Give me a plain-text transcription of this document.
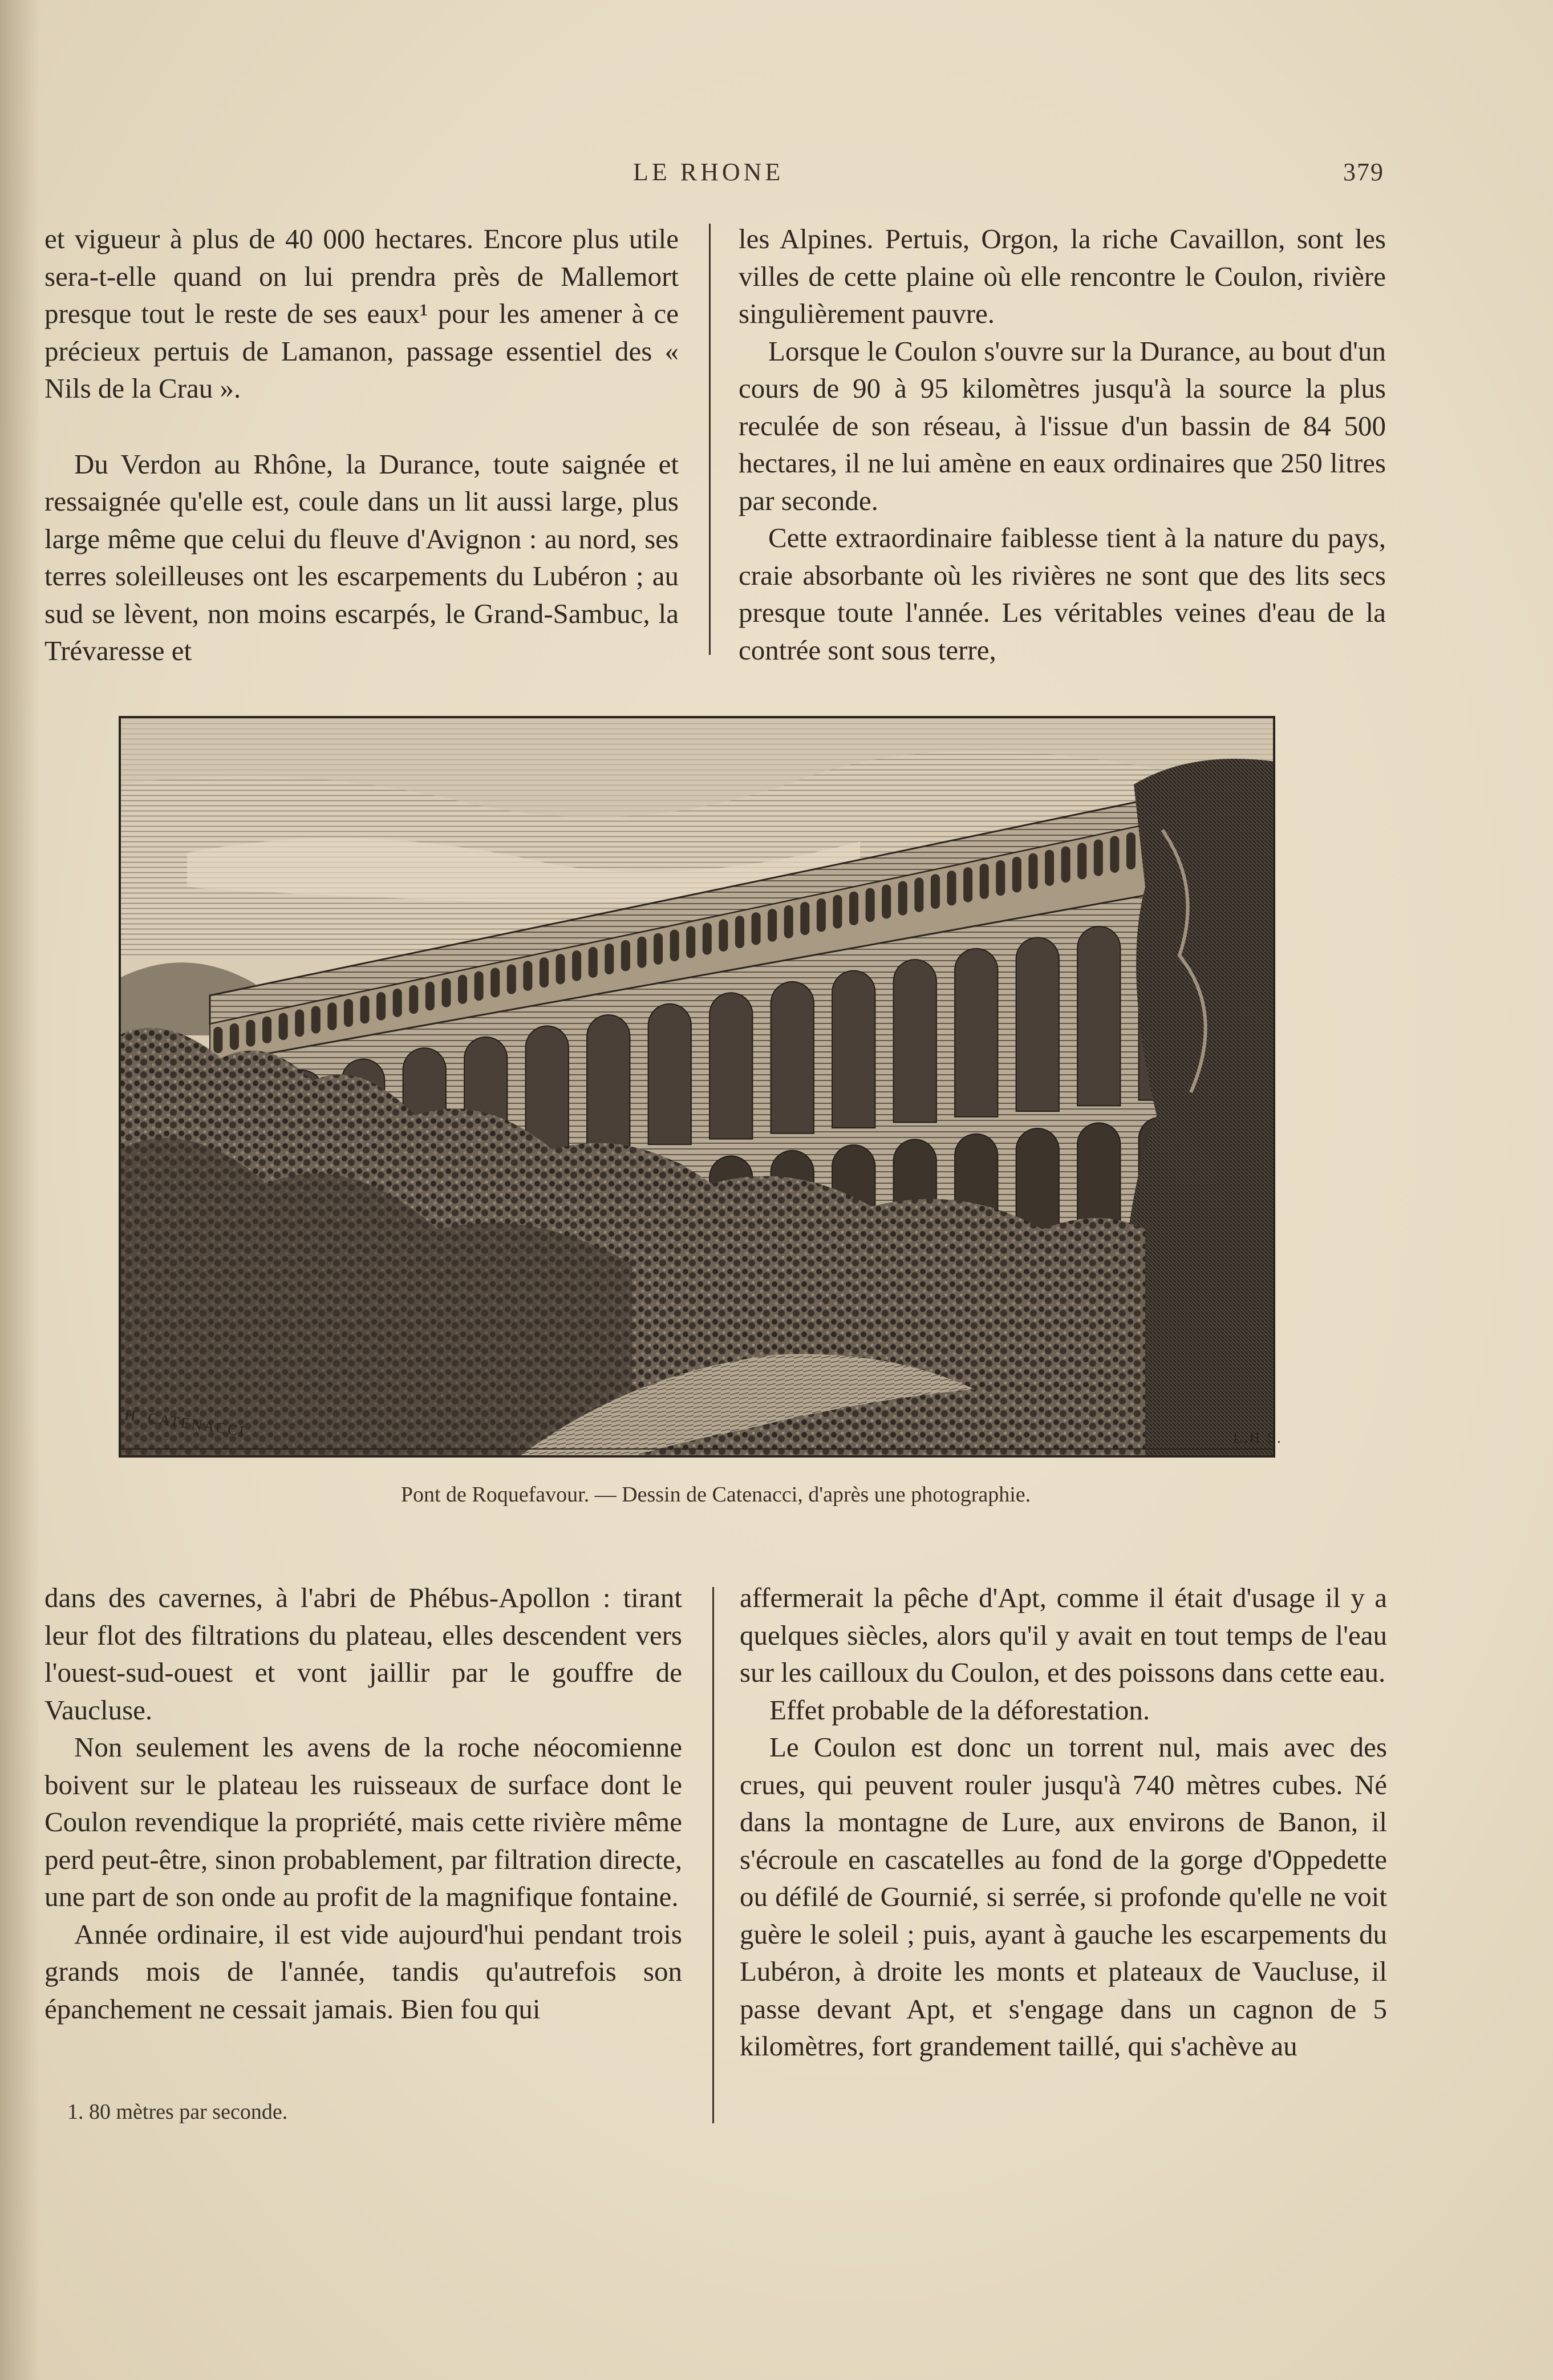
LE RHONE	379

et vigueur à plus de 40 000 hectares. Encore plus utile sera-t-elle quand on lui prendra près de Mallemort presque tout le reste de ses eaux¹ pour les amener à ce précieux pertuis de Lamanon, passage essentiel des « Nils de la Crau ».

Du Verdon au Rhône, la Durance, toute saignée et ressaignée qu'elle est, coule dans un lit aussi large, plus large même que celui du fleuve d'Avignon : au nord, ses terres soleilleuses ont les escarpements du Lubéron ; au sud se lèvent, non moins escarpés, le Grand-Sambuc, la Trévaresse et

les Alpines. Pertuis, Orgon, la riche Cavaillon, sont les villes de cette plaine où elle rencontre le Coulon, rivière singulièrement pauvre.

Lorsque le Coulon s'ouvre sur la Durance, au bout d'un cours de 90 à 95 kilomètres jusqu'à la source la plus reculée de son réseau, à l'issue d'un bassin de 84 500 hectares, il ne lui amène en eaux ordinaires que 250 litres par seconde.

Cette extraordinaire faiblesse tient à la nature du pays, craie absorbante où les rivières ne sont que des lits secs presque toute l'année. Les véritables veines d'eau de la contrée sont sous terre,

H. CATENACCI	L.H.S.
Pont de Roquefavour. — Dessin de Catenacci, d'après une photographie.

dans des cavernes, à l'abri de Phébus-Apollon : tirant leur flot des filtrations du plateau, elles descendent vers l'ouest-sud-ouest et vont jaillir par le gouffre de Vaucluse.

Non seulement les avens de la roche néocomienne boivent sur le plateau les ruisseaux de surface dont le Coulon revendique la propriété, mais cette rivière même perd peut-être, sinon probablement, par filtration directe, une part de son onde au profit de la magnifique fontaine.

Année ordinaire, il est vide aujourd'hui pendant trois grands mois de l'année, tandis qu'autrefois son épanchement ne cessait jamais. Bien fou qui

affermerait la pêche d'Apt, comme il était d'usage il y a quelques siècles, alors qu'il y avait en tout temps de l'eau sur les cailloux du Coulon, et des poissons dans cette eau.

Effet probable de la déforestation.

Le Coulon est donc un torrent nul, mais avec des crues, qui peuvent rouler jusqu'à 740 mètres cubes. Né dans la montagne de Lure, aux environs de Banon, il s'écroule en cascatelles au fond de la gorge d'Oppedette ou défilé de Gournié, si serrée, si profonde qu'elle ne voit guère le soleil ; puis, ayant à gauche les escarpements du Lubéron, à droite les monts et plateaux de Vaucluse, il passe devant Apt, et s'engage dans un cagnon de 5 kilomètres, fort grandement taillé, qui s'achève au

1. 80 mètres par seconde.
